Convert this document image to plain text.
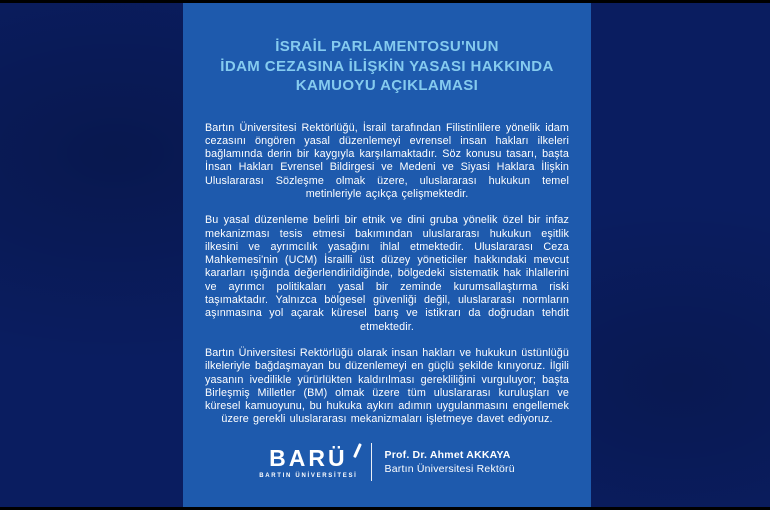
İSRAİL PARLAMENTOSU'NUN
İDAM CEZASINA İLİŞKİN YASASI HAKKINDA
KAMUOYU AÇIKLAMASI

Bartın Üniversitesi Rektörlüğü, İsrail tarafından Filistinlilere yönelik idam cezasını öngören yasal düzenlemeyi evrensel insan hakları ilkeleri bağlamında derin bir kaygıyla karşılamaktadır. Söz konusu tasarı, başta İnsan Hakları Evrensel Bildirgesi ve Medeni ve Siyasi Haklara İlişkin Uluslararası Sözleşme olmak üzere, uluslararası hukukun temel metinleriyle açıkça çelişmektedir.

Bu yasal düzenleme belirli bir etnik ve dini gruba yönelik özel bir infaz mekanizması tesis etmesi bakımından uluslararası hukukun eşitlik ilkesini ve ayrımcılık yasağını ihlal etmektedir. Uluslararası Ceza Mahkemesi'nin (UCM) İsrailli üst düzey yöneticiler hakkındaki mevcut kararları ışığında değerlendirildiğinde, bölgedeki sistematik hak ihlallerini ve ayrımcı politikaları yasal bir zeminde kurumsallaştırma riski taşımaktadır. Yalnızca bölgesel güvenliği değil, uluslararası normların aşınmasına yol açarak küresel barış ve istikrarı da doğrudan tehdit etmektedir.

Bartın Üniversitesi Rektörlüğü olarak insan hakları ve hukukun üstünlüğü ilkeleriyle bağdaşmayan bu düzenlemeyi en güçlü şekilde kınıyoruz. İlgili yasanın ivedilikle yürürlükten kaldırılması gerekliliğini vurguluyor; başta Birleşmiş Milletler (BM) olmak üzere tüm uluslararası kuruluşları ve küresel kamuoyunu, bu hukuka aykırı adımın uygulanmasını engellemek üzere gerekli uluslararası mekanizmaları işletmeye davet ediyoruz.

BARÜ
BARTIN ÜNİVERSİTESİ
Prof. Dr. Ahmet AKKAYA
Bartın Üniversitesi Rektörü
